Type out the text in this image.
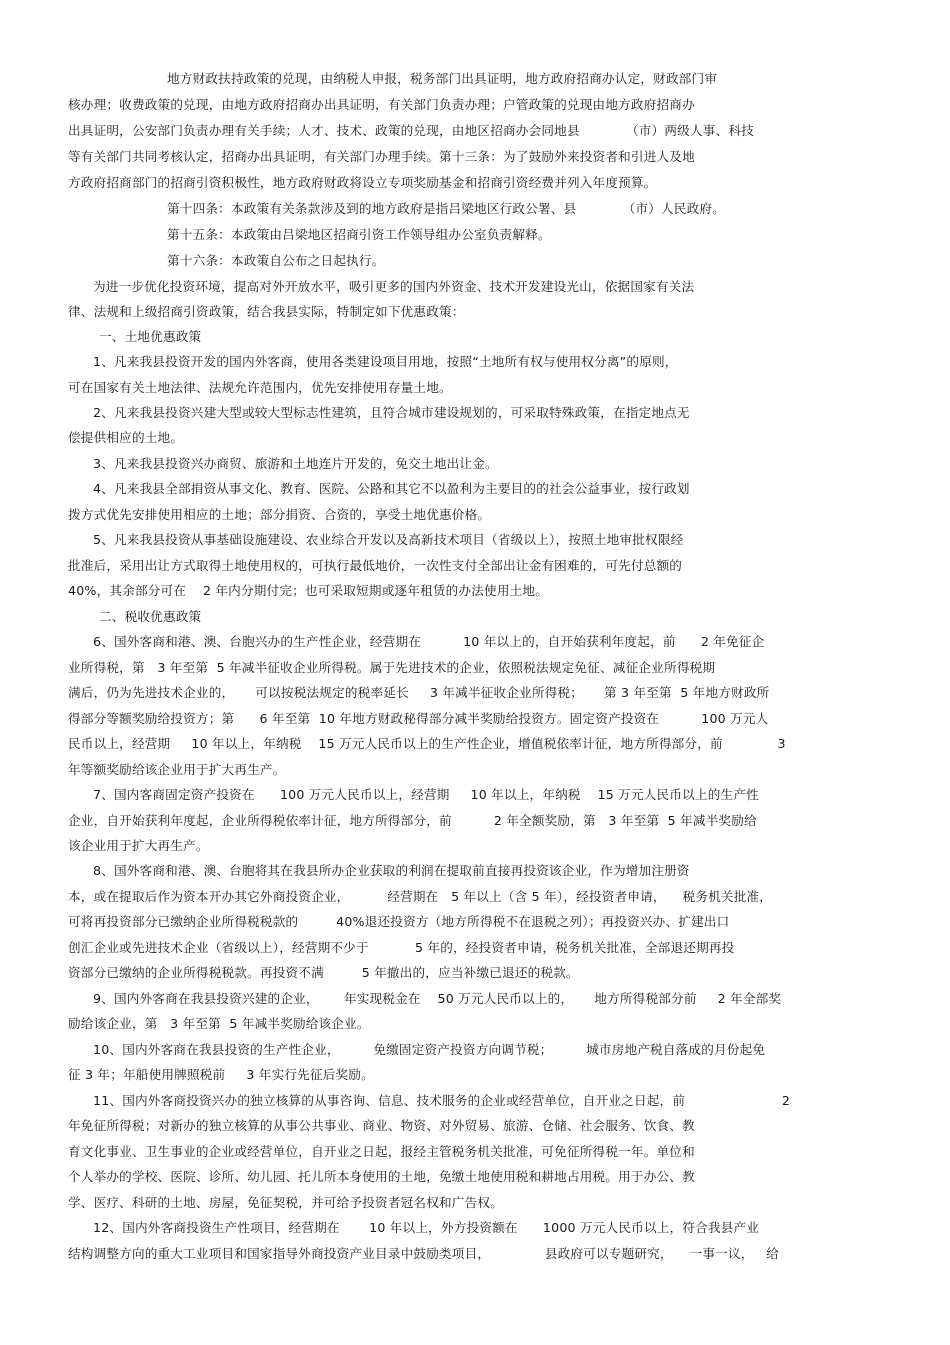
地方财政扶持政策的兑现，由纳税人申报，税务部门出具证明，地方政府招商办认定，财政部门审
核办理；收费政策的兑现，由地方政府招商办出具证明，有关部门负责办理；户管政策的兑现由地方政府招商办
出具证明，公安部门负责办理有关手续；人才、技术、政策的兑现，由地区招商办会同地县           （市）两级人事、科技
等有关部门共同考核认定，招商办出具证明，有关部门办理手续。第十三条：为了鼓励外来投资者和引进人及地
方政府招商部门的招商引资积极性，地方政府财政将设立专项奖励基金和招商引资经费并列入年度预算。
第十四条：本政策有关条款涉及到的地方政府是指吕梁地区行政公署、县           （市）人民政府。
第十五条：本政策由吕梁地区招商引资工作领导组办公室负责解释。
第十六条：本政策自公布之日起执行。
为进一步优化投资环境，提高对外开放水平，吸引更多的国内外资金、技术开发建设光山，依据国家有关法
律、法规和上级招商引资政策，结合我县实际，特制定如下优惠政策：
一、土地优惠政策
1、凡来我县投资开发的国内外客商，使用各类建设项目用地，按照“土地所有权与使用权分离”的原则，
可在国家有关土地法律、法规允许范围内，优先安排使用存量土地。
2、凡来我县投资兴建大型或较大型标志性建筑，且符合城市建设规划的，可采取特殊政策，在指定地点无
偿提供相应的土地。
3、凡来我县投资兴办商贸、旅游和土地连片开发的，免交土地出让金。
4、凡来我县全部捐资从事文化、教育、医院、公路和其它不以盈利为主要目的的社会公益事业，按行政划
拨方式优先安排使用相应的土地；部分捐资、合资的，享受土地优惠价格。
5、凡来我县投资从事基础设施建设、农业综合开发以及高新技术项目（省级以上），按照土地审批权限经
批准后，采用出让方式取得土地使用权的，可执行最低地价，一次性支付全部出让金有困难的，可先付总额的
40%，其余部分可在    2 年内分期付完；也可采取短期或逐年租赁的办法使用土地。
二、税收优惠政策
6、国外客商和港、澳、台胞兴办的生产性企业，经营期在          10 年以上的，自开始获利年度起，前      2 年免征企
业所得税，第   3 年至第  5 年减半征收企业所得税。属于先进技术的企业，依照税法规定免征、减征企业所得税期
满后，仍为先进技术企业的，     可以按税法规定的税率延长     3 年减半征收企业所得税；     第 3 年至第  5 年地方财政所
得部分等额奖励给投资方；第      6 年至第  10 年地方财政秘得部分减半奖励给投资方。固定资产投资在          100 万元人
民币以上，经营期     10 年以上，年纳税    15 万元人民币以上的生产性企业，增值税依率计征，地方所得部分，前             3
年等额奖励给该企业用于扩大再生产。
7、国内客商固定资产投资在      100 万元人民币以上，经营期     10 年以上，年纳税    15 万元人民币以上的生产性
企业，自开始获利年度起，企业所得税依率计征，地方所得部分，前          2 年全额奖励，第   3 年至第  5 年减半奖励给
该企业用于扩大再生产。
8、国外客商和港、澳、台胞将其在我县所办企业获取的利润在提取前直接再投资该企业，作为增加注册资
本，或在提取后作为资本开办其它外商投资企业，         经营期在   5 年以上（含 5 年），经投资者申请，    税务机关批准，
可将再投资部分已缴纳企业所得税税款的         40%退还投资方（地方所得税不在退税之列）；再投资兴办、扩建出口
创汇企业或先进技术企业（省级以上），经营期不少于           5 年的，经投资者申请，税务机关批准，全部退还期再投
资部分已缴纳的企业所得税税款。再投资不满         5 年撤出的，应当补缴已退还的税款。
9、国内外客商在我县投资兴建的企业，      年实现税金在    50 万元人民币以上的，     地方所得税部分前     2 年全部奖
励给该企业，第   3 年至第  5 年减半奖励给该企业。
10、国内外客商在我县投资的生产性企业，        免缴固定资产投资方向调节税；        城市房地产税自落成的月份起免
征 3 年；年船使用牌照税前     3 年实行先征后奖励。
11、国内外客商投资兴办的独立核算的从事咨询、信息、技术服务的企业或经营单位，自开业之日起，前                       2
年免征所得税；对新办的独立核算的从事公共事业、商业、物资、对外贸易、旅游、仓储、社会服务、饮食、教
育文化事业、卫生事业的企业或经营单位，自开业之日起，报经主管税务机关批准，可免征所得税一年。单位和
个人举办的学校、医院、诊所、幼儿园、托儿所本身使用的土地，免缴土地使用税和耕地占用税。用于办公、教
学、医疗、科研的土地、房屋，免征契税，并可给予投资者冠名权和广告权。
12、国内外客商投资生产性项目，经营期在       10 年以上，外方投资额在      1000 万元人民币以上，符合我县产业
结构调整方向的重大工业项目和国家指导外商投资产业目录中鼓励类项目，             县政府可以专题研究，    一事一议，   给
